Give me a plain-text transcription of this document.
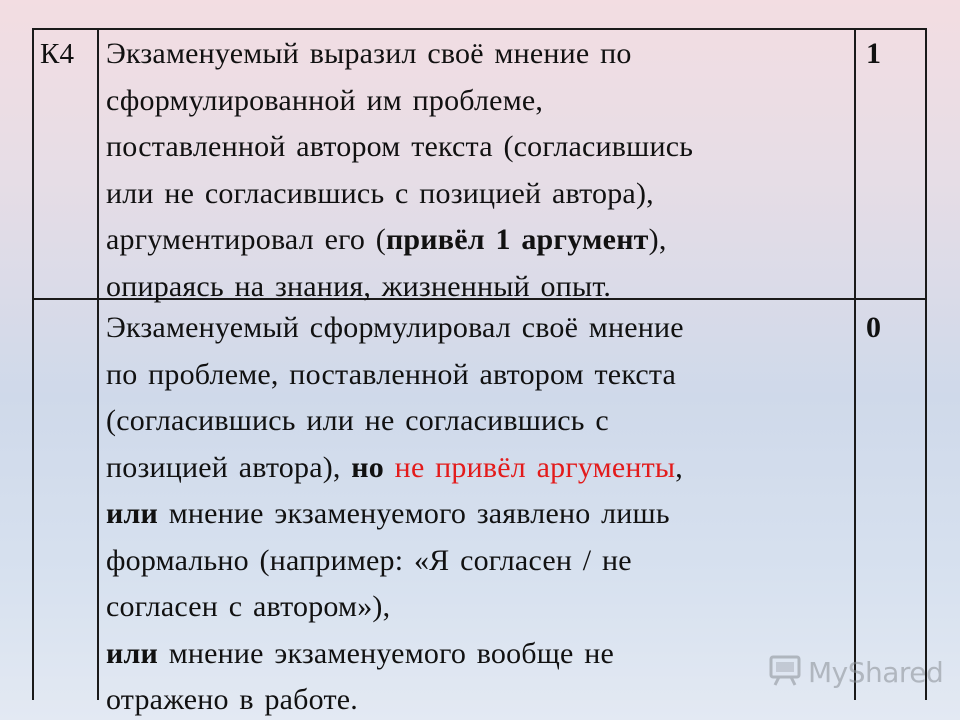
К4 Экзаменуемый выразил своё мнение по
сформулированной им проблеме,
поставленной автором текста (согласившись
или не согласившись с позицией автора),
аргументировал его (привёл 1 аргумент),
опираясь на знания, жизненный опыт.
1
Экзаменуемый сформулировал своё мнение
по проблеме, поставленной автором текста
(согласившись или не согласившись с
позицией автора), но не привёл аргументы,
или мнение экзаменуемого заявлено лишь
формально (например: «Я согласен / не
согласен с автором»),
или мнение экзаменуемого вообще не
отражено в работе.
0
MyShared
